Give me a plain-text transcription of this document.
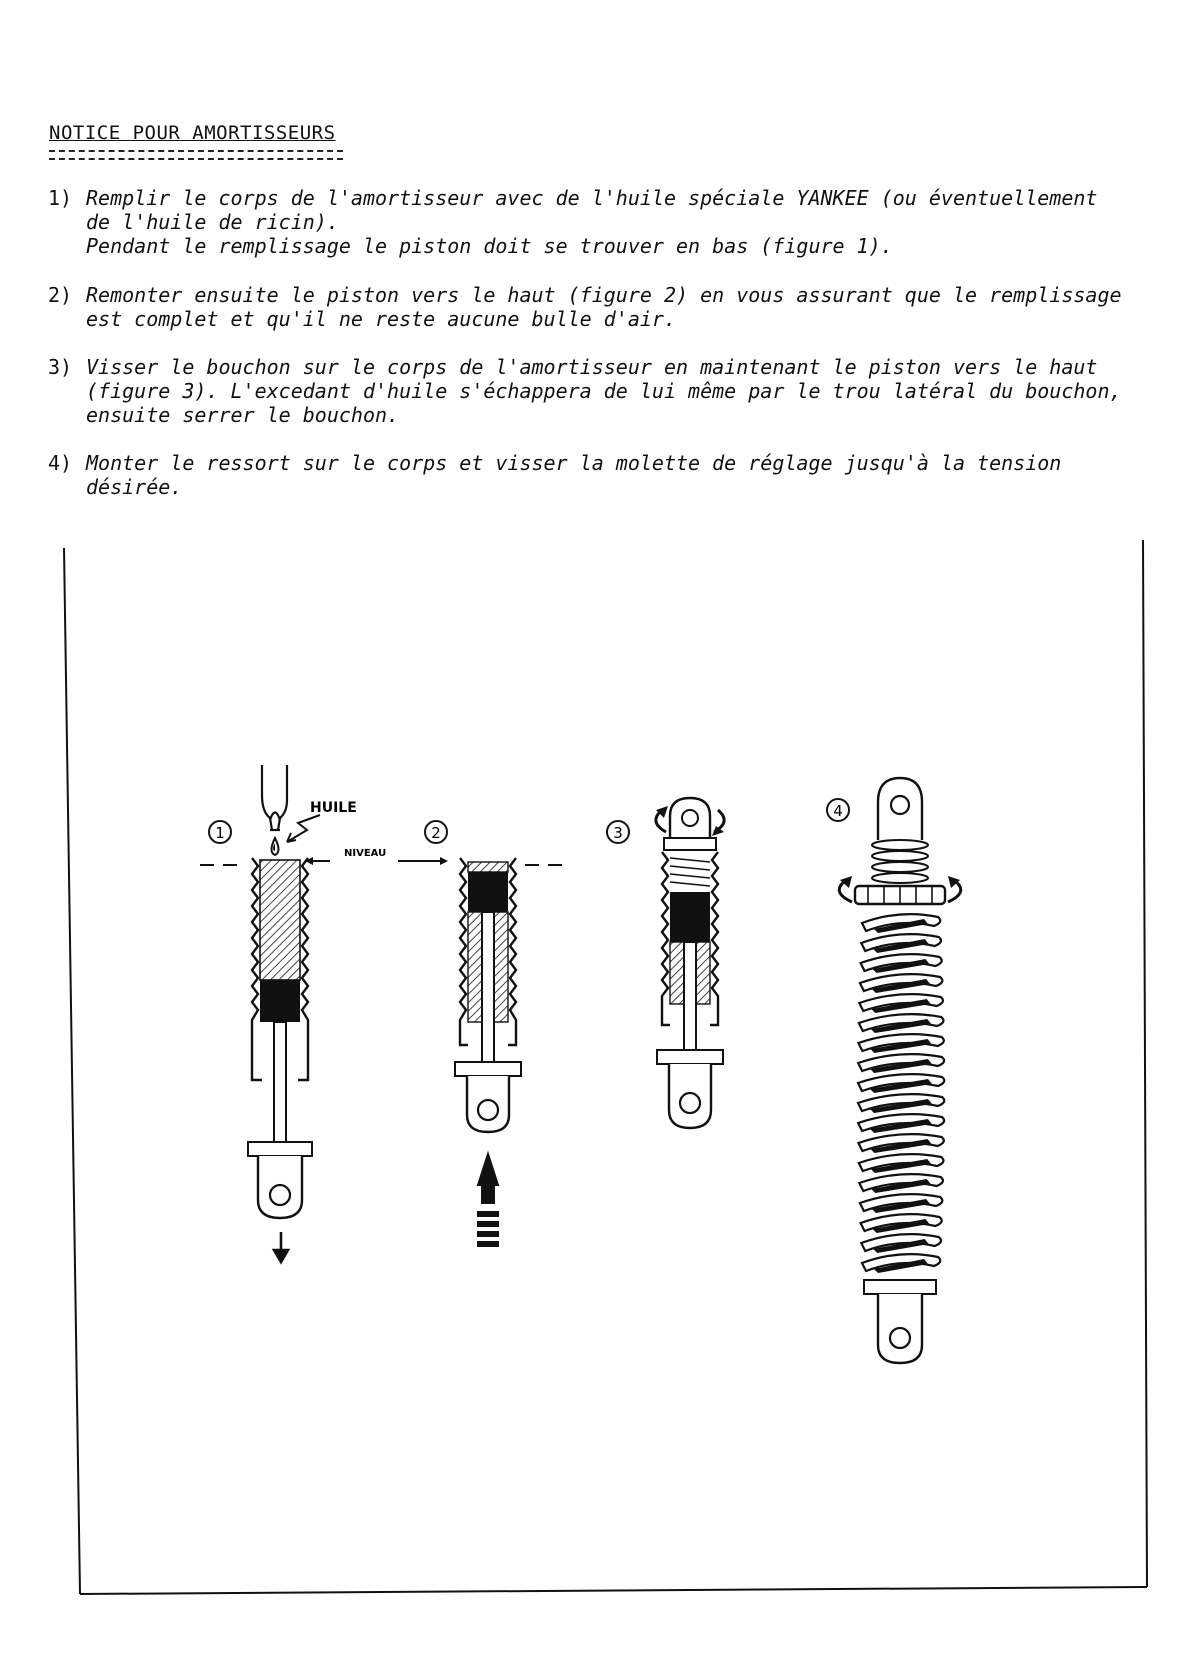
NOTICE POUR AMORTISSEURS
1) Remplir le corps de l'amortisseur avec de l'huile spéciale YANKEE (ou éventuellement
de l'huile de ricin).
Pendant le remplissage le piston doit se trouver en bas (figure 1).
2) Remonter ensuite le piston vers le haut (figure 2) en vous assurant que le remplissage
est complet et qu'il ne reste aucune bulle d'air.
3) Visser le bouchon sur le corps de l'amortisseur en maintenant le piston vers le haut
(figure 3). L'excedant d'huile s'échappera de lui même par le trou latéral du bouchon,
ensuite serrer le bouchon.
4) Monter le ressort sur le corps et visser la molette de réglage jusqu'à la tension
désirée.
1
HUILE
NIVEAU
2	3
4
